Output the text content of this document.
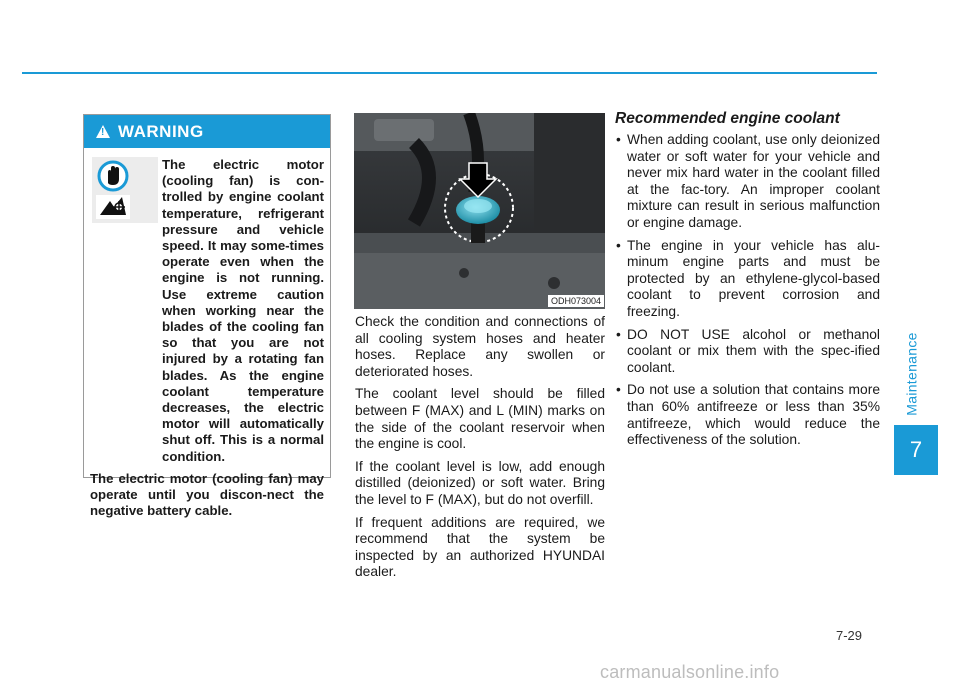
!
WARNING

The electric motor (cooling fan) is con-trolled by engine coolant temperature, refrigerant pressure and vehicle speed. It may some-times operate even when the engine is not running. Use extreme caution when working near the blades of the cooling fan so that you are not injured by a rotating fan blades. As the engine coolant temperature decreases, the electric motor will automatically shut off. This is a normal condition.

The electric motor (cooling fan) may operate until you discon-nect the negative battery cable.

ODH073004

Check the condition and connections of all cooling system hoses and heater hoses. Replace any swollen or deteriorated hoses.

The coolant level should be filled between F (MAX) and L (MIN) marks on the side of the coolant reservoir when the engine is cool.

If the coolant level is low, add enough distilled (deionized) or soft water. Bring the level to F (MAX), but do not overfill.

If frequent additions are required, we recommend that the system be inspected by an authorized HYUNDAI dealer.

Recommended engine coolant
• When adding coolant, use only deionized water or soft water for your vehicle and never mix hard water in the coolant filled at the fac-tory. An improper coolant mixture can result in serious malfunction or engine damage.
• The engine in your vehicle has alu-minum engine parts and must be protected by an ethylene-glycol-based coolant to prevent corrosion and freezing.
• DO NOT USE alcohol or methanol coolant or mix them with the spec-ified coolant.
• Do not use a solution that contains more than 60% antifreeze or less than 35% antifreeze, which would reduce the effectiveness of the solution.
Maintenance
7
7-29
carmanualsonline.info
